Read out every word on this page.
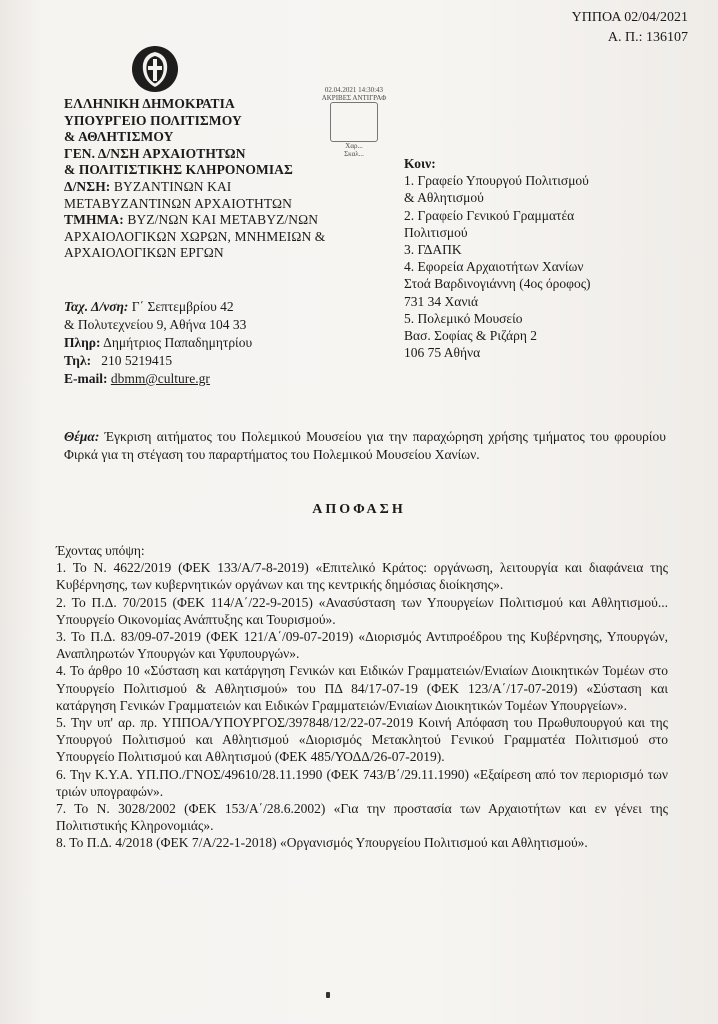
ΥΠΠΟΑ 02/04/2021
Α. Π.: 136107
ΕΛΛΗΝΙΚΗ ΔΗΜΟΚΡΑΤΙΑ
ΥΠΟΥΡΓΕΙΟ ΠΟΛΙΤΙΣΜΟΥ
& ΑΘΛΗΤΙΣΜΟΥ
ΓΕΝ. Δ/ΝΣΗ ΑΡΧΑΙΟΤΗΤΩΝ
& ΠΟΛΙΤΙΣΤΙΚΗΣ ΚΛΗΡΟΝΟΜΙΑΣ
Δ/ΝΣΗ: ΒΥΖΑΝΤΙΝΩΝ ΚΑΙ
ΜΕΤΑΒΥΖΑΝΤΙΝΩΝ ΑΡΧΑΙΟΤΗΤΩΝ
ΤΜΗΜΑ: ΒΥΖ/ΝΩΝ ΚΑΙ ΜΕΤΑΒΥΖ/ΝΩΝ
ΑΡΧΑΙΟΛΟΓΙΚΩΝ ΧΩΡΩΝ, ΜΝΗΜΕΙΩΝ &
ΑΡΧΑΙΟΛΟΓΙΚΩΝ ΕΡΓΩΝ
02.04.2021 14:30:43
ΑΚΡΙΒΕΣ ΑΝΤΙΓΡΑΦ
Χαρ...
Σκαλ...
Κοιν:
1. Γραφείο Υπουργού Πολιτισμού
& Αθλητισμού
2. Γραφείο Γενικού Γραμματέα
Πολιτισμού
3. ΓΔΑΠΚ
4. Εφορεία Αρχαιοτήτων Χανίων
Στοά Βαρδινογιάννη (4ος όροφος)
731 34 Χανιά
5. Πολεμικό Μουσείο
Βασ. Σοφίας & Ριζάρη 2
106 75 Αθήνα
Ταχ. Δ/νση: Γ΄ Σεπτεμβρίου 42
& Πολυτεχνείου 9, Αθήνα 104 33
Πληρ: Δημήτριος Παπαδημητρίου
Τηλ:   210 5219415
E-mail: dbmm@culture.gr
Θέμα: Έγκριση αιτήματος του Πολεμικού Μουσείου για την παραχώρηση χρήσης τμήματος του φρουρίου Φιρκά για τη στέγαση του παραρτήματος του Πολεμικού Μουσείου Χανίων.
ΑΠΟΦΑΣΗ
Έχοντας υπόψη:
1. Το Ν. 4622/2019 (ΦΕΚ 133/Α/7-8-2019) «Επιτελικό Κράτος: οργάνωση, λειτουργία και διαφάνεια της Κυβέρνησης, των κυβερνητικών οργάνων και της κεντρικής δημόσιας διοίκησης».
2. Το Π.Δ. 70/2015 (ΦΕΚ 114/Α΄/22-9-2015) «Ανασύσταση των Υπουργείων Πολιτισμού και Αθλητισμού... Υπουργείο Οικονομίας Ανάπτυξης και Τουρισμού».
3. Το Π.Δ. 83/09-07-2019 (ΦΕΚ 121/Α΄/09-07-2019) «Διορισμός Αντιπροέδρου της Κυβέρνησης, Υπουργών, Αναπληρωτών Υπουργών και Υφυπουργών».
4. Το άρθρο 10 «Σύσταση και κατάργηση Γενικών και Ειδικών Γραμματειών/Ενιαίων Διοικητικών Τομέων στο Υπουργείο Πολιτισμού & Αθλητισμού» του ΠΔ 84/17-07-19 (ΦΕΚ 123/Α΄/17-07-2019) «Σύσταση και κατάργηση Γενικών Γραμματειών και Ειδικών Γραμματειών/Ενιαίων Διοικητικών Τομέων Υπουργείων».
5. Την υπ' αρ. πρ. ΥΠΠΟΑ/ΥΠΟΥΡΓΟΣ/397848/12/22-07-2019 Κοινή Απόφαση του Πρωθυπουργού και της Υπουργού Πολιτισμού και Αθλητισμού «Διορισμός Μετακλητού Γενικού Γραμματέα Πολιτισμού στο Υπουργείο Πολιτισμού και Αθλητισμού (ΦΕΚ 485/ΥΟΔΔ/26-07-2019).
6. Την Κ.Υ.Α. ΥΠ.ΠΟ./ΓΝΟΣ/49610/28.11.1990 (ΦΕΚ 743/Β΄/29.11.1990) «Εξαίρεση από τον περιορισμό των τριών υπογραφών».
7. Το Ν. 3028/2002 (ΦΕΚ 153/Α΄/28.6.2002) «Για την προστασία των Αρχαιοτήτων και εν γένει της Πολιτιστικής Κληρονομιάς».
8. Το Π.Δ. 4/2018 (ΦΕΚ 7/Α/22-1-2018) «Οργανισμός Υπουργείου Πολιτισμού και Αθλητισμού».
